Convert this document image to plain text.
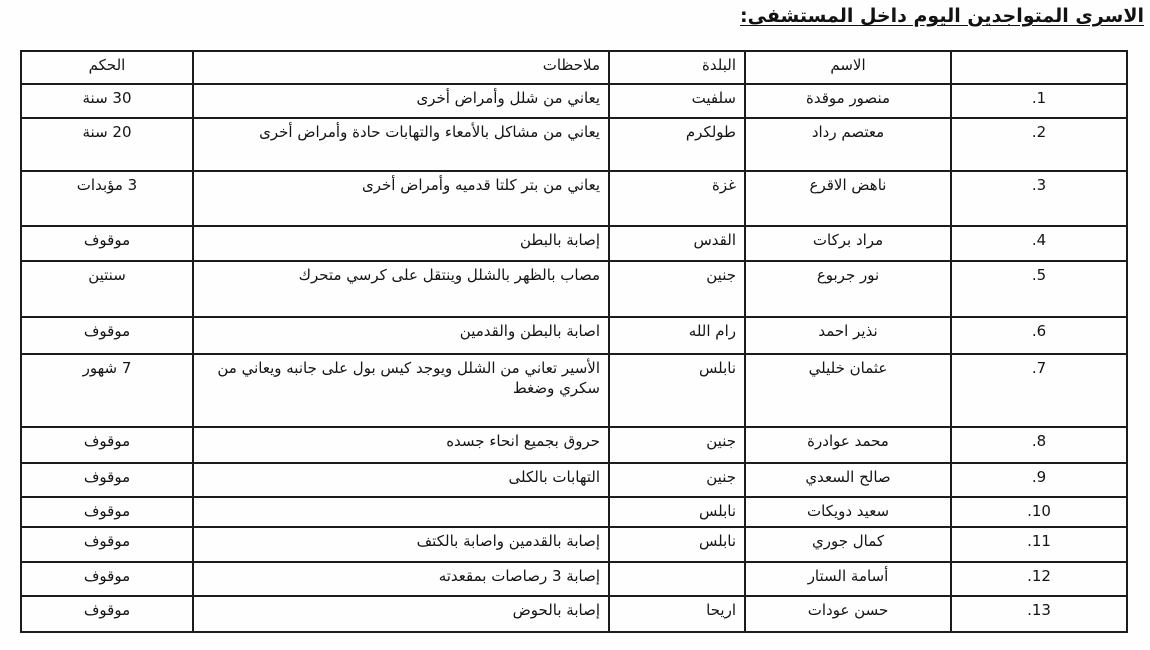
الاسرى المتواجدين اليوم داخل المستشفى:
	الاسم	البلدة	ملاحظات	الحكم
.1	منصور موقدة	سلفيت	يعاني من شلل وأمراض أخرى	30 سنة
.2	معتصم رداد	طولكرم	يعاني من مشاكل بالأمعاء والتهابات حادة وأمراض أخرى	20 سنة
.3	ناهض الاقرع	غزة	يعاني من بتر كلتا قدميه وأمراض أخرى	3 مؤبدات
.4	مراد بركات	القدس	إصابة بالبطن	موقوف
.5	نور جربوع	جنين	مصاب بالظهر بالشلل وينتقل على كرسي متحرك	سنتين
.6	نذير احمد	رام الله	اصابة بالبطن والقدمين	موقوف
.7	عثمان خليلي	نابلس	الأسير تعاني من الشلل ويوجد كيس بول على جانبه ويعاني من سكري وضغط	7 شهور
.8	محمد عوادرة	جنين	حروق بجميع انحاء جسده	موقوف
.9	صالح السعدي	جنين	التهابات بالكلى	موقوف
.10	سعيد دويكات	نابلس		موقوف
.11	كمال جوري	نابلس	إصابة بالقدمين واصابة بالكتف	موقوف
.12	أسامة الستار		إصابة 3 رصاصات بمقعدته	موقوف
.13	حسن عودات	اريحا	إصابة بالحوض	موقوف
